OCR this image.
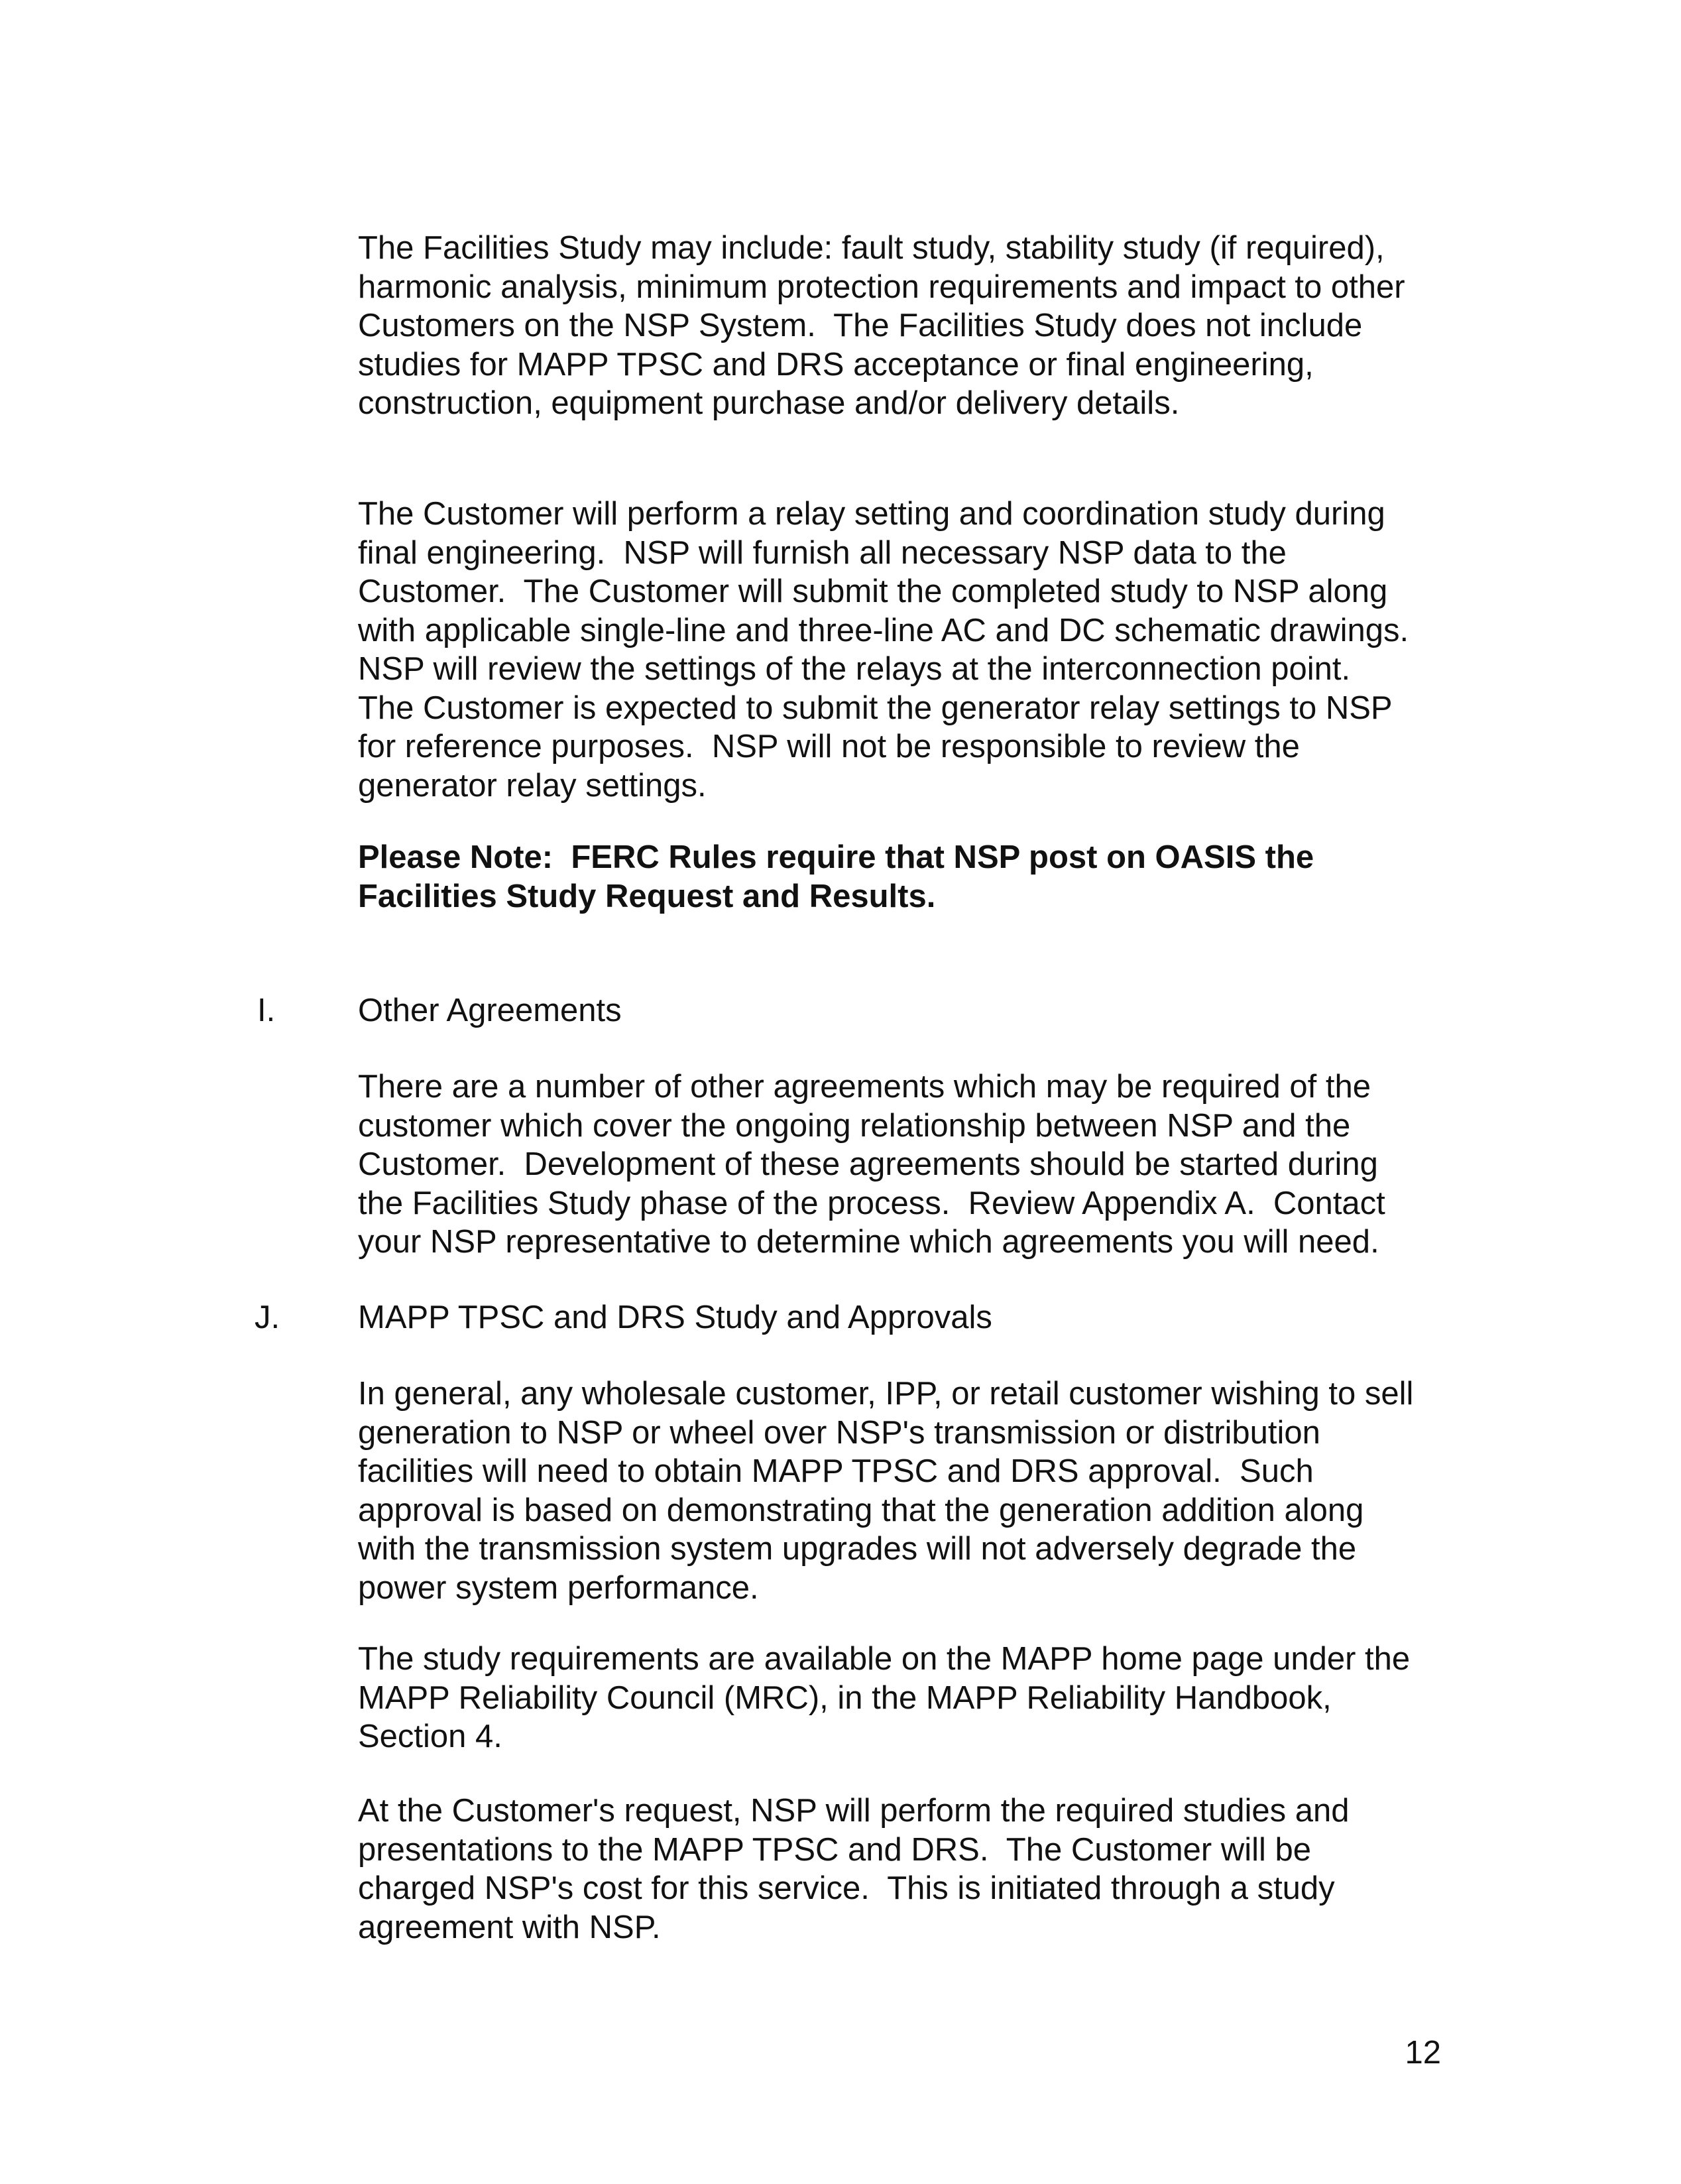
The Facilities Study may include: fault study, stability study (if required),
harmonic analysis, minimum protection requirements and impact to other
Customers on the NSP System.  The Facilities Study does not include
studies for MAPP TPSC and DRS acceptance or final engineering,
construction, equipment purchase and/or delivery details.

The Customer will perform a relay setting and coordination study during
final engineering.  NSP will furnish all necessary NSP data to the
Customer.  The Customer will submit the completed study to NSP along
with applicable single-line and three-line AC and DC schematic drawings.
NSP will review the settings of the relays at the interconnection point.
The Customer is expected to submit the generator relay settings to NSP
for reference purposes.  NSP will not be responsible to review the
generator relay settings.

Please Note:  FERC Rules require that NSP post on OASIS the
Facilities Study Request and Results.

I.	Other Agreements

There are a number of other agreements which may be required of the
customer which cover the ongoing relationship between NSP and the
Customer.  Development of these agreements should be started during
the Facilities Study phase of the process.  Review Appendix A.  Contact
your NSP representative to determine which agreements you will need.

J. MAPP TPSC and DRS Study and Approvals

In general, any wholesale customer, IPP, or retail customer wishing to sell
generation to NSP or wheel over NSP's transmission or distribution
facilities will need to obtain MAPP TPSC and DRS approval.  Such
approval is based on demonstrating that the generation addition along
with the transmission system upgrades will not adversely degrade the
power system performance.

The study requirements are available on the MAPP home page under the
MAPP Reliability Council (MRC), in the MAPP Reliability Handbook,
Section 4.

At the Customer's request, NSP will perform the required studies and
presentations to the MAPP TPSC and DRS.  The Customer will be
charged NSP's cost for this service.  This is initiated through a study
agreement with NSP.

12
